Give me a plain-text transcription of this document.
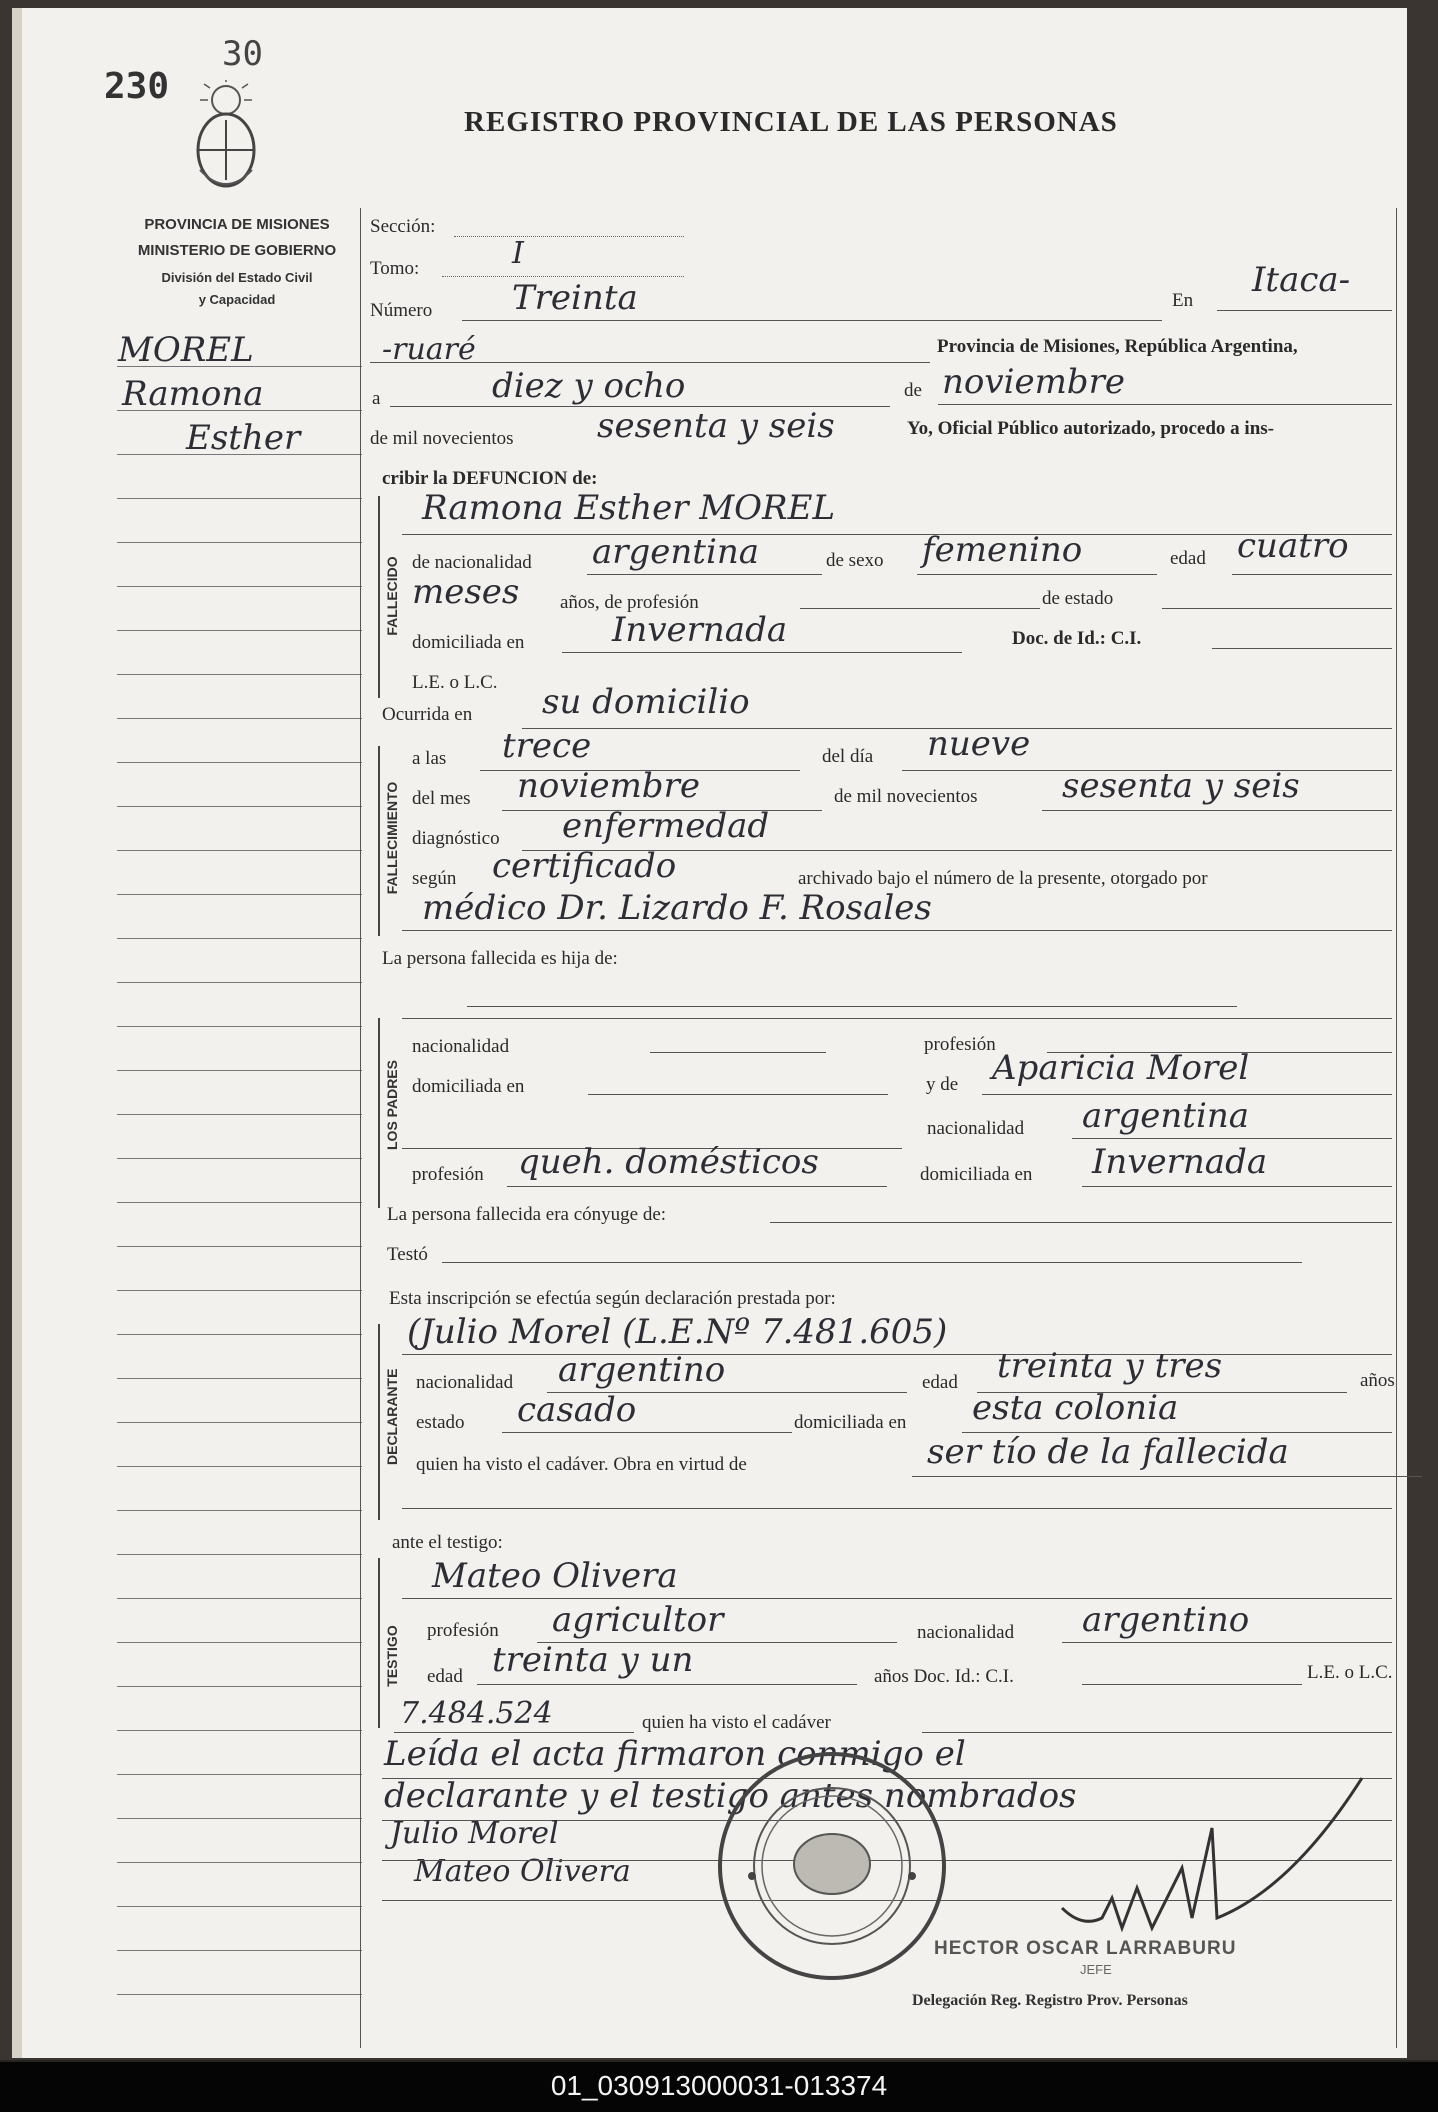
230
30
REGISTRO PROVINCIAL DE LAS PERSONAS
PROVINCIA DE MISIONES
MINISTERIO DE GOBIERNO
División del Estado Civil
y Capacidad
MOREL
Ramona
Esther
Sección:
Tomo:	I
Número Treinta	En
Itaca-
-ruaré	Provincia de Misiones, República Argentina,
a	diez y ocho	de noviembre
de mil novecientos sesenta y seis	Yo, Oficial Público autorizado, procedo a ins-
cribir la DEFUNCION de:
FALLECIDO
Ramona Esther MOREL
de nacionalidad argentina	de sexo femenino	edad cuatro
meses años, de profesión	de estado
domiciliada en	Invernada	Doc. de Id.: C.I.
L.E. o L.C.
Ocurrida en su domicilio
FALLECIMIENTO
a las trece	del día nueve
del mes noviembre	de mil novecientos sesenta y seis
diagnóstico enfermedad
según certificado	archivado bajo el número de la presente, otorgado por
médico Dr. Lizardo F. Rosales
La persona fallecida es hija de:
LOS PADRES
nacionalidad	profesión
domiciliada en	y de Aparicia Morel
nacionalidad argentina
profesión queh. domésticos	domiciliada en Invernada
La persona fallecida era cónyuge de:
Testó
Esta inscripción se efectúa según declaración prestada por:
DECLARANTE
(Julio Morel (L.E.Nº 7.481.605)
nacionalidad argentino	edad treinta y tres	años
estado casado	domiciliada en esta colonia
quien ha visto el cadáver. Obra en virtud de	ser tío de la fallecida
ante el testigo:
TESTIGO
Mateo Olivera
profesión agricultor	nacionalidad argentino
edad treinta y un	años Doc. Id.: C.I.	L.E. o L.C.
7.484.524	quien ha visto el cadáver
Leída el acta firmaron conmigo el
declarante y el testigo antes nombrados
Julio Morel
Mateo Olivera
HECTOR OSCAR LARRABURU
JEFE
Delegación Reg. Registro Prov. Personas
01_030913000031-013374
